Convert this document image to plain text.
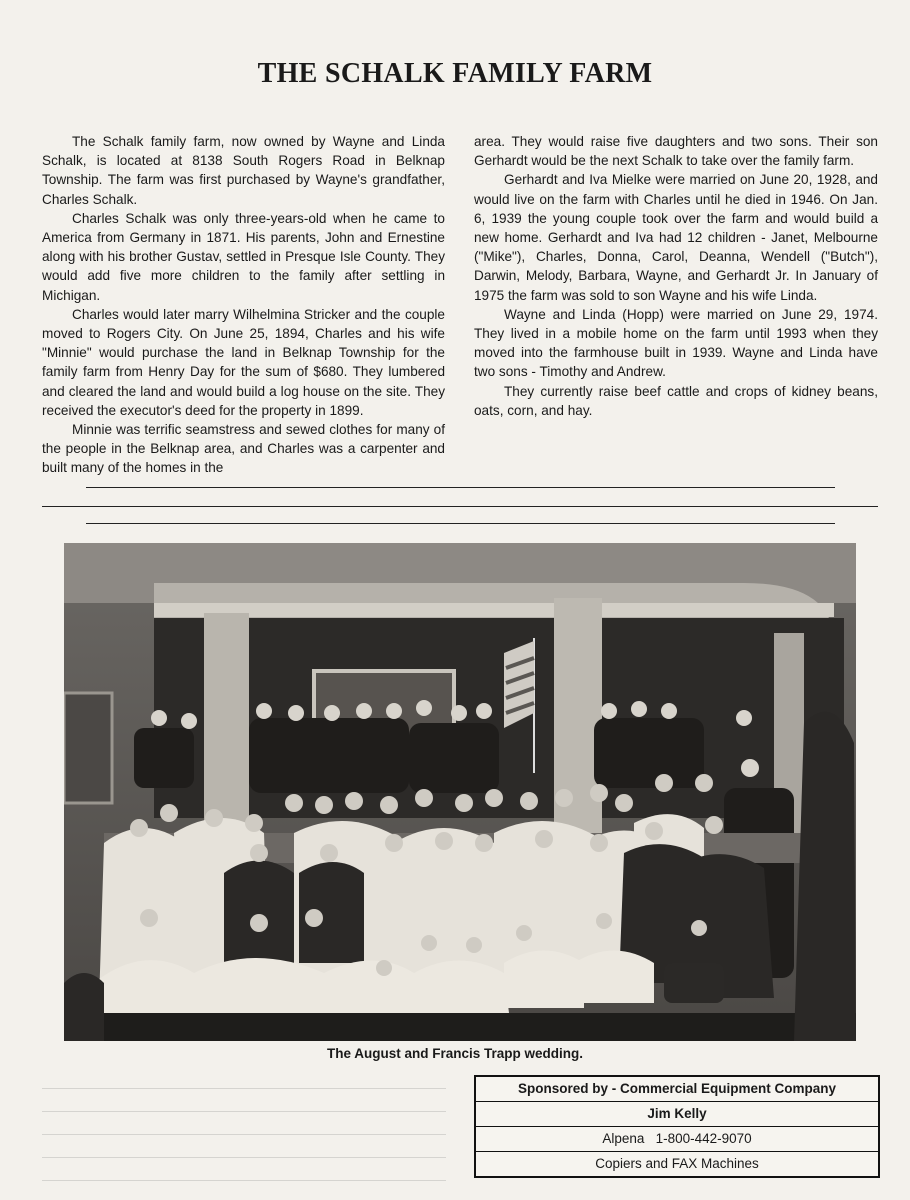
THE SCHALK FAMILY FARM

The Schalk family farm, now owned by Wayne and Linda Schalk, is located at 8138 South Rogers Road in Belknap Township. The farm was first purchased by Wayne's grandfather, Charles Schalk.

Charles Schalk was only three-years-old when he came to America from Germany in 1871. His parents, John and Ernestine along with his brother Gustav, settled in Presque Isle County. They would add five more children to the family after settling in Michigan.

Charles would later marry Wilhelmina Stricker and the couple moved to Rogers City. On June 25, 1894, Charles and his wife "Minnie" would purchase the land in Belknap Township for the family farm from Henry Day for the sum of $680. They lumbered and cleared the land and would build a log house on the site. They received the executor's deed for the property in 1899.

Minnie was terrific seamstress and sewed clothes for many of the people in the Belknap area, and Charles was a carpenter and built many of the homes in the

area. They would raise five daughters and two sons. Their son Gerhardt would be the next Schalk to take over the family farm.

Gerhardt and Iva Mielke were married on June 20, 1928, and would live on the farm with Charles until he died in 1946. On Jan. 6, 1939 the young couple took over the farm and would build a new home. Gerhardt and Iva had 12 children - Janet, Melbourne ("Mike"), Charles, Donna, Carol, Deanna, Wendell ("Butch"), Darwin, Melody, Barbara, Wayne, and Gerhardt Jr. In January of 1975 the farm was sold to son Wayne and his wife Linda.

Wayne and Linda (Hopp) were married on June 29, 1974. They lived in a mobile home on the farm until 1993 when they moved into the farmhouse built in 1939. Wayne and Linda have two sons - Timothy and Andrew.

They currently raise beef cattle and crops of kidney beans, oats, corn, and hay.

The August and Francis Trapp wedding.
Sponsored by - Commercial Equipment Company
Jim Kelly
Alpena   1-800-442-9070
Copiers and FAX Machines
